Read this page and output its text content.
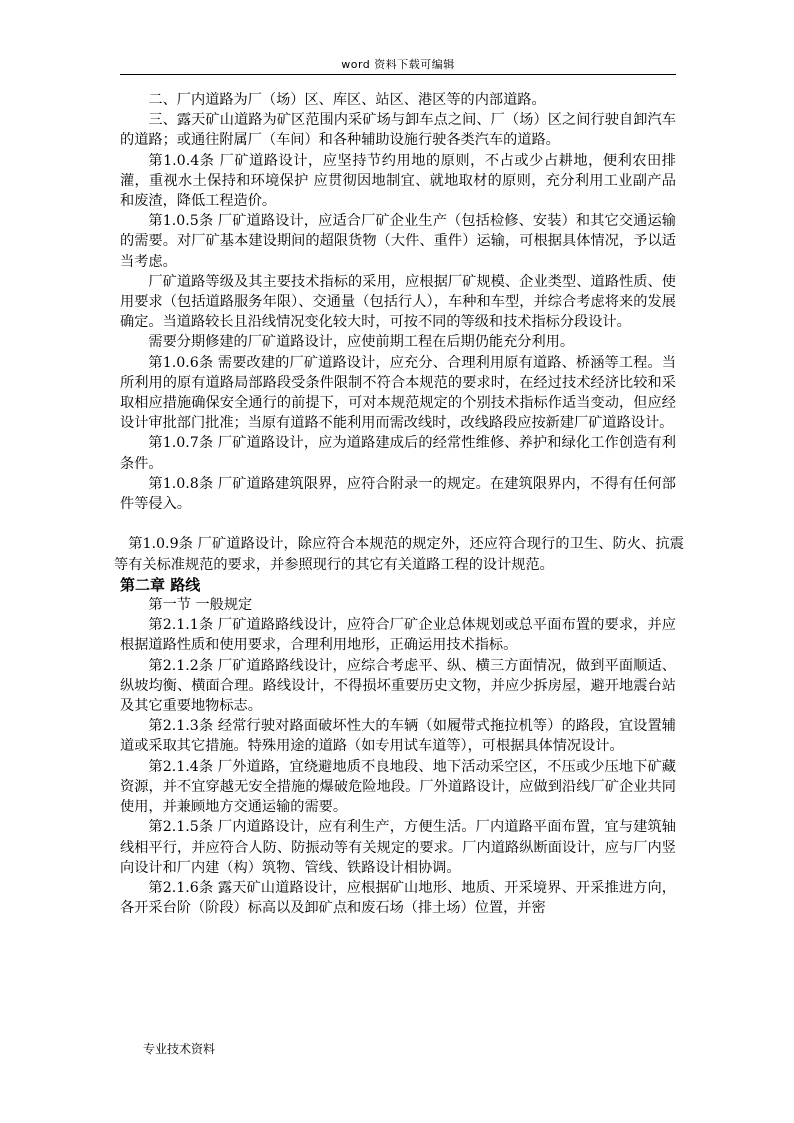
word 资料下载可编辑

二、厂内道路为厂（场）区、库区、站区、港区等的内部道路。

三、露天矿山道路为矿区范围内采矿场与卸车点之间、厂（场）区之间行驶自卸汽车的道路；或通往附属厂（车间）和各种辅助设施行驶各类汽车的道路。

第1.0.4条 厂矿道路设计，应坚持节约用地的原则，不占或少占耕地，便利农田排灌，重视水土保持和环境保护 应贯彻因地制宜、就地取材的原则，充分利用工业副产品和废渣，降低工程造价。

第1.0.5条 厂矿道路设计，应适合厂矿企业生产（包括检修、安装）和其它交通运输的需要。对厂矿基本建设期间的超限货物（大件、重件）运输，可根据具体情况，予以适当考虑。

厂矿道路等级及其主要技术指标的采用，应根据厂矿规模、企业类型、道路性质、使用要求（包括道路服务年限）、交通量（包括行人），车种和车型，并综合考虑将来的发展确定。当道路较长且沿线情况变化较大时，可按不同的等级和技术指标分段设计。

需要分期修建的厂矿道路设计，应使前期工程在后期仍能充分利用。

第1.0.6条 需要改建的厂矿道路设计，应充分、合理利用原有道路、桥涵等工程。当所利用的原有道路局部路段受条件限制不符合本规范的要求时，在经过技术经济比较和采取相应措施确保安全通行的前提下，可对本规范规定的个别技术指标作适当变动，但应经设计审批部门批准；当原有道路不能利用而需改线时，改线路段应按新建厂矿道路设计。

第1.0.7条 厂矿道路设计，应为道路建成后的经常性维修、养护和绿化工作创造有利条件。

第1.0.8条 厂矿道路建筑限界，应符合附录一的规定。在建筑限界内，不得有任何部件等侵入。

第1.0.9条 厂矿道路设计，除应符合本规范的规定外，还应符合现行的卫生、防火、抗震等有关标准规范的要求，并参照现行的其它有关道路工程的设计规范。

第二章 路线

第一节 一般规定

第2.1.1条 厂矿道路路线设计，应符合厂矿企业总体规划或总平面布置的要求，并应根据道路性质和使用要求，合理利用地形，正确运用技术指标。

第2.1.2条 厂矿道路路线设计，应综合考虑平、纵、横三方面情况，做到平面顺适、纵坡均衡、横面合理。路线设计，不得损坏重要历史文物，并应少拆房屋，避开地震台站及其它重要地物标志。

第2.1.3条 经常行驶对路面破坏性大的车辆（如履带式拖拉机等）的路段，宜设置辅道或采取其它措施。特殊用途的道路（如专用试车道等），可根据具体情况设计。

第2.1.4条 厂外道路，宜绕避地质不良地段、地下活动采空区，不压或少压地下矿藏资源，并不宜穿越无安全措施的爆破危险地段。厂外道路设计，应做到沿线厂矿企业共同使用，并兼顾地方交通运输的需要。

第2.1.5条 厂内道路设计，应有利生产，方便生活。厂内道路平面布置，宜与建筑轴线相平行，并应符合人防、防振动等有关规定的要求。厂内道路纵断面设计，应与厂内竖向设计和厂内建（构）筑物、管线、铁路设计相协调。

第2.1.6条 露天矿山道路设计，应根据矿山地形、地质、开采境界、开采推进方向，各开采台阶（阶段）标高以及卸矿点和废石场（排土场）位置，并密

专业技术资料
